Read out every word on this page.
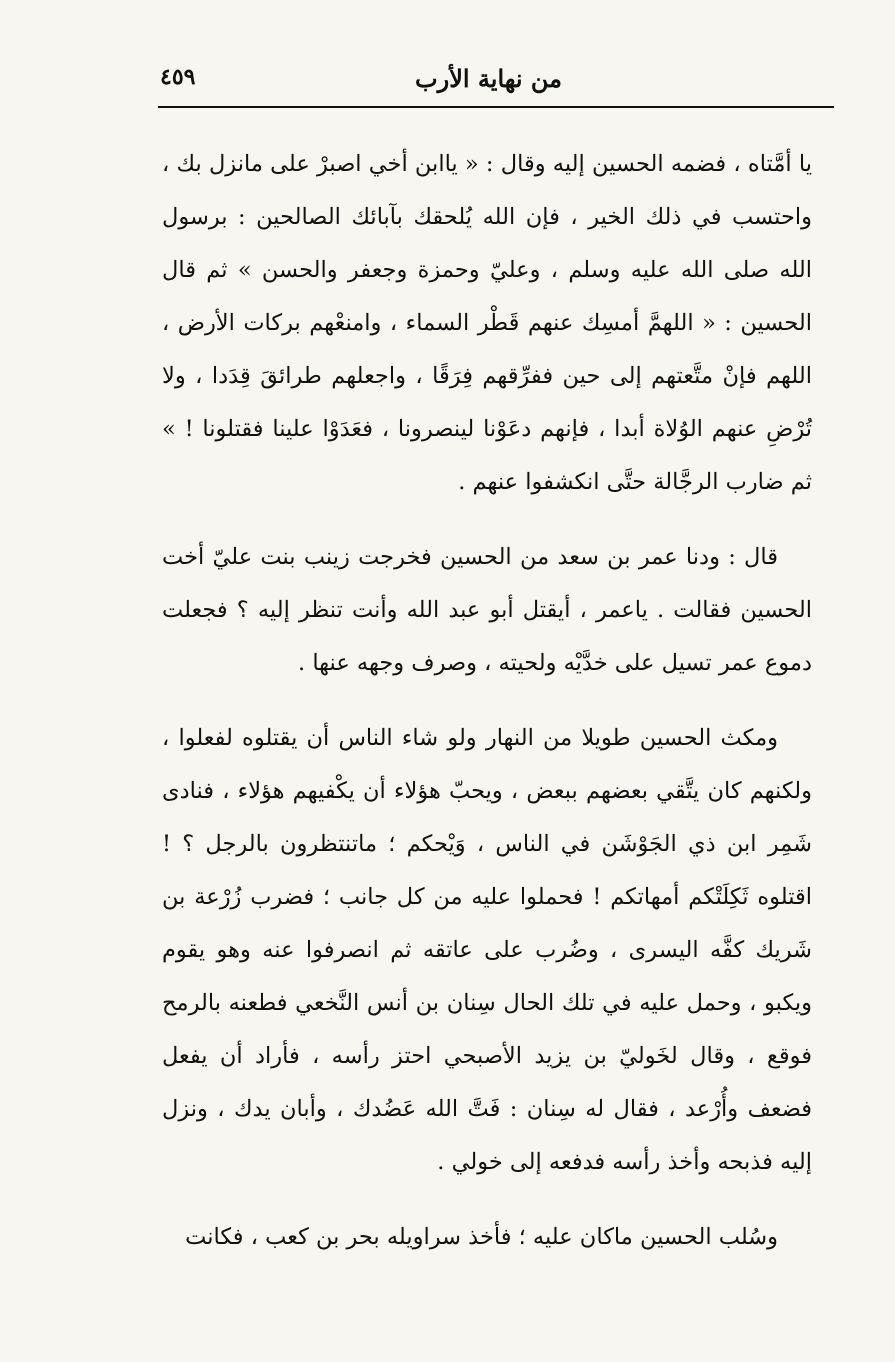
من نهاية الأرب
٤٥٩

يا أمَّتاه ، فضمه الحسين إليه وقال : « ياابن أخي اصبرْ على مانزل بك ، واحتسب في ذلك الخير ، فإن الله يُلحقك بآبائك الصالحين : برسول الله صلى الله عليه وسلم ، وعليّ وحمزة وجعفر والحسن » ثم قال الحسين : « اللهمَّ أمسِك عنهم قَطْر السماء ، وامنعْهم بركات الأرض ، اللهم فإنْ متَّعتهم إلى حين ففرِّقهم فِرَقًا ، واجعلهم طرائقَ قِدَدا ، ولا تُرْضِ عنهم الوُلاة أبدا ، فإنهم دعَوْنا لينصرونا ، فعَدَوْا علينا فقتلونا ! » ثم ضارب الرجَّالة حتَّى انكشفوا عنهم .

قال : ودنا عمر بن سعد من الحسين فخرجت زينب بنت عليّ أخت الحسين فقالت . ياعمر ، أيقتل أبو عبد الله وأنت تنظر إليه ؟ فجعلت دموع عمر تسيل على خدَّيْه ولحيته ، وصرف وجهه عنها .

ومكث الحسين طويلا من النهار ولو شاء الناس أن يقتلوه لفعلوا ، ولكنهم كان يتَّقي بعضهم ببعض ، ويحبّ هؤلاء أن يكْفيهم هؤلاء ، فنادى شَمِر ابن ذي الجَوْشَن في الناس ، وَيْحكم ؛ ماتنتظرون بالرجل ؟ ! اقتلوه ثَكِلَتْكم أمهاتكم ! فحملوا عليه من كل جانب ؛ فضرب زُرْعة بن شَريك كفَّه اليسرى ، وضُرب على عاتقه ثم انصرفوا عنه وهو يقوم ويكبو ، وحمل عليه في تلك الحال سِنان بن أنس النَّخعي فطعنه بالرمح فوقع ، وقال لخَوليّ بن يزيد الأصبحي احتز رأسه ، فأراد أن يفعل فضعف وأُرْعد ، فقال له سِنان : فَتَّ الله عَضُدك ، وأبان يدك ، ونزل إليه فذبحه وأخذ رأسه فدفعه إلى خولي .

وسُلب الحسين ماكان عليه ؛ فأخذ سراويله بحر بن كعب ، فكانت
